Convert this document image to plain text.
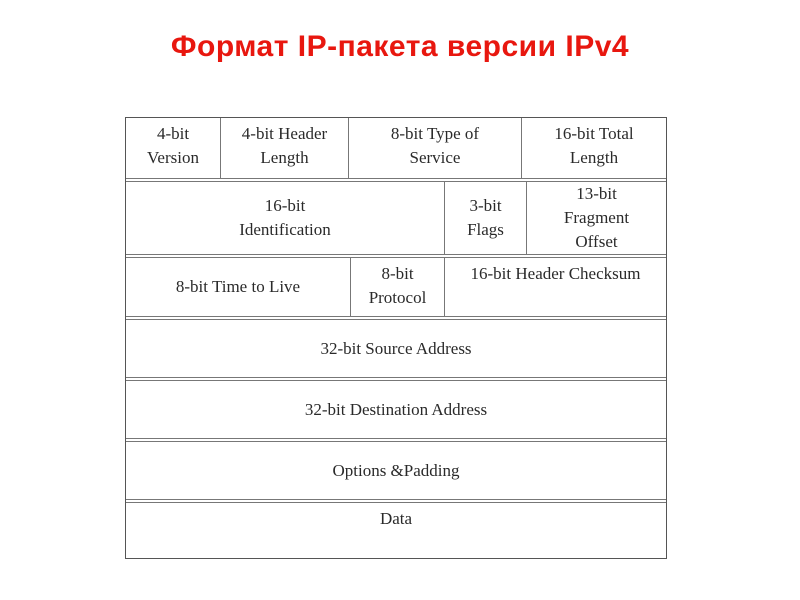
Формат IP-пакета версии IPv4
4-bit
Version
4-bit Header
Length
8-bit Type of
Service
16-bit Total
Length
16-bit
Identification
3-bit
Flags
13-bit
Fragment
Offset
8-bit Time to Live
8-bit
Protocol
16-bit Header Checksum
32-bit Source Address
32-bit Destination Address
Options &Padding
Data
